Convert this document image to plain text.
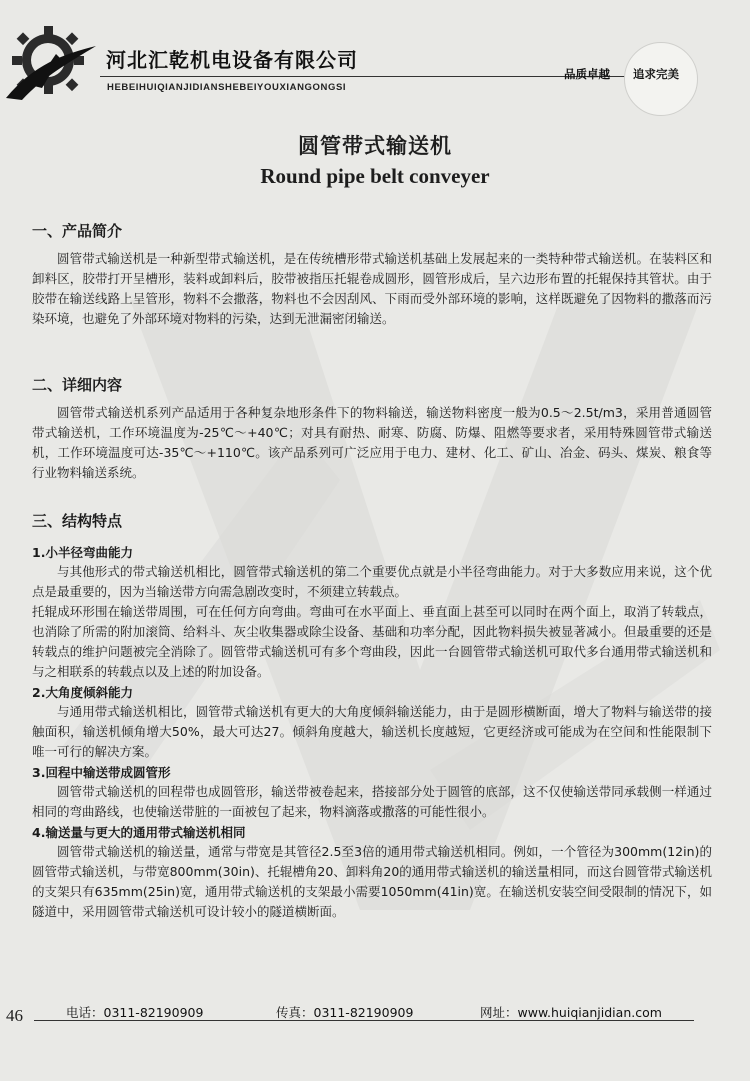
河北汇乾机电设备有限公司

HEBEIHUIQIANJIDIANSHEBEIYOUXIANGONGSI

品质卓越 追求完美
圆管带式输送机
Round pipe belt conveyer
一、产品简介

圆管带式输送机是一种新型带式输送机，是在传统槽形带式输送机基础上发展起来的一类特种带式输送机。在装料区和卸料区，胶带打开呈槽形，装料或卸料后，胶带被指压托辊卷成圆形，圆管形成后，呈六边形布置的托辊保持其管状。由于胶带在输送线路上呈管形，物料不会撒落，物料也不会因刮风、下雨而受外部环境的影响，这样既避免了因物料的撒落而污染环境，也避免了外部环境对物料的污染，达到无泄漏密闭输送。

二、详细内容

圆管带式输送机系列产品适用于各种复杂地形条件下的物料输送，输送物料密度一般为0.5～2.5t/m3，采用普通圆管带式输送机，工作环境温度为-25℃～+40℃；对具有耐热、耐寒、防腐、防爆、阻燃等要求者，采用特殊圆管带式输送机，工作环境温度可达-35℃～+110℃。该产品系列可广泛应用于电力、建材、化工、矿山、冶金、码头、煤炭、粮食等行业物料输送系统。

三、结构特点

1.小半径弯曲能力

与其他形式的带式输送机相比，圆管带式输送机的第二个重要优点就是小半径弯曲能力。对于大多数应用来说，这个优点是最重要的，因为当输送带方向需急剧改变时，不须建立转载点。

托辊成环形围在输送带周围，可在任何方向弯曲。弯曲可在水平面上、垂直面上甚至可以同时在两个面上，取消了转载点，也消除了所需的附加滚筒、给料斗、灰尘收集器或除尘设备、基础和功率分配，因此物料损失被显著减小。但最重要的还是转载点的维护问题被完全消除了。圆管带式输送机可有多个弯曲段，因此一台圆管带式输送机可取代多台通用带式输送机和与之相联系的转载点以及上述的附加设备。

2.大角度倾斜能力

与通用带式输送机相比，圆管带式输送机有更大的大角度倾斜输送能力，由于是圆形横断面，增大了物料与输送带的接触面积，输送机倾角增大50%，最大可达27。倾斜角度越大，输送机长度越短，它更经济或可能成为在空间和性能限制下唯一可行的解决方案。

3.回程中输送带成圆管形

圆管带式输送机的回程带也成圆管形，输送带被卷起来，搭接部分处于圆管的底部，这不仅使输送带同承载侧一样通过相同的弯曲路线，也使输送带脏的一面被包了起来，物料滴落或撒落的可能性很小。

4.输送量与更大的通用带式输送机相同

圆管带式输送机的输送量，通常与带宽是其管径2.5至3倍的通用带式输送机相同。例如，一个管径为300mm(12in)的圆管带式输送机，与带宽800mm(30in)、托辊槽角20、卸料角20的通用带式输送机的输送量相同，而这台圆管带式输送机的支架只有635mm(25in)宽，通用带式输送机的支架最小需要1050mm(41in)宽。在输送机安装空间受限制的情况下，如隧道中，采用圆管带式输送机可设计较小的隧道横断面。

46	电话：0311-82190909	传真：0311-82190909	网址：www.huiqianjidian.com
